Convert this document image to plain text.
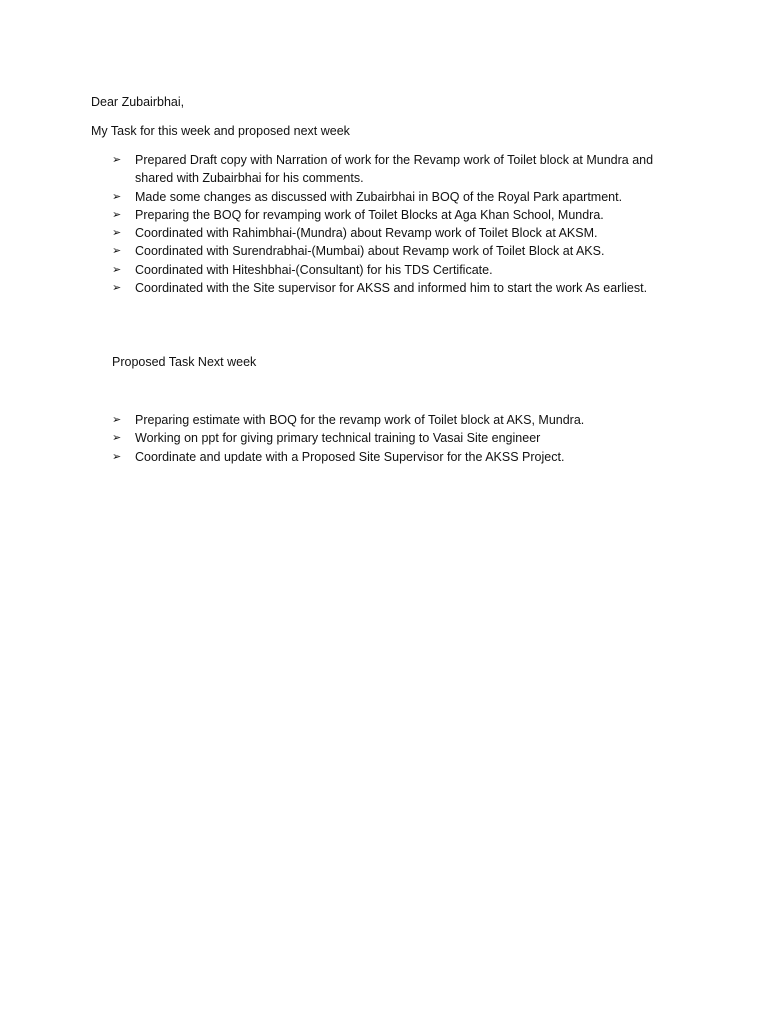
Dear Zubairbhai,
My Task for this week and proposed next week
➢	Prepared Draft copy with Narration of work for the Revamp work of Toilet block at Mundra and shared with Zubairbhai for his comments.
➢	Made some changes as discussed with Zubairbhai in BOQ of the Royal Park apartment.
➢	Preparing the BOQ for revamping work of Toilet Blocks at Aga Khan School, Mundra.
➢	Coordinated with Rahimbhai-(Mundra) about Revamp work of Toilet Block at AKSM.
➢	Coordinated with Surendrabhai-(Mumbai) about Revamp work of Toilet Block at AKS.
➢	Coordinated with Hiteshbhai-(Consultant) for his TDS Certificate.
➢	Coordinated with the Site supervisor for AKSS and informed him to start the work As earliest.
Proposed Task Next week
➢	Preparing estimate with BOQ for the revamp work of Toilet block at AKS, Mundra.
➢	Working on ppt for giving primary technical training to Vasai Site engineer
➢	Coordinate and update with a Proposed Site Supervisor for the AKSS Project.
